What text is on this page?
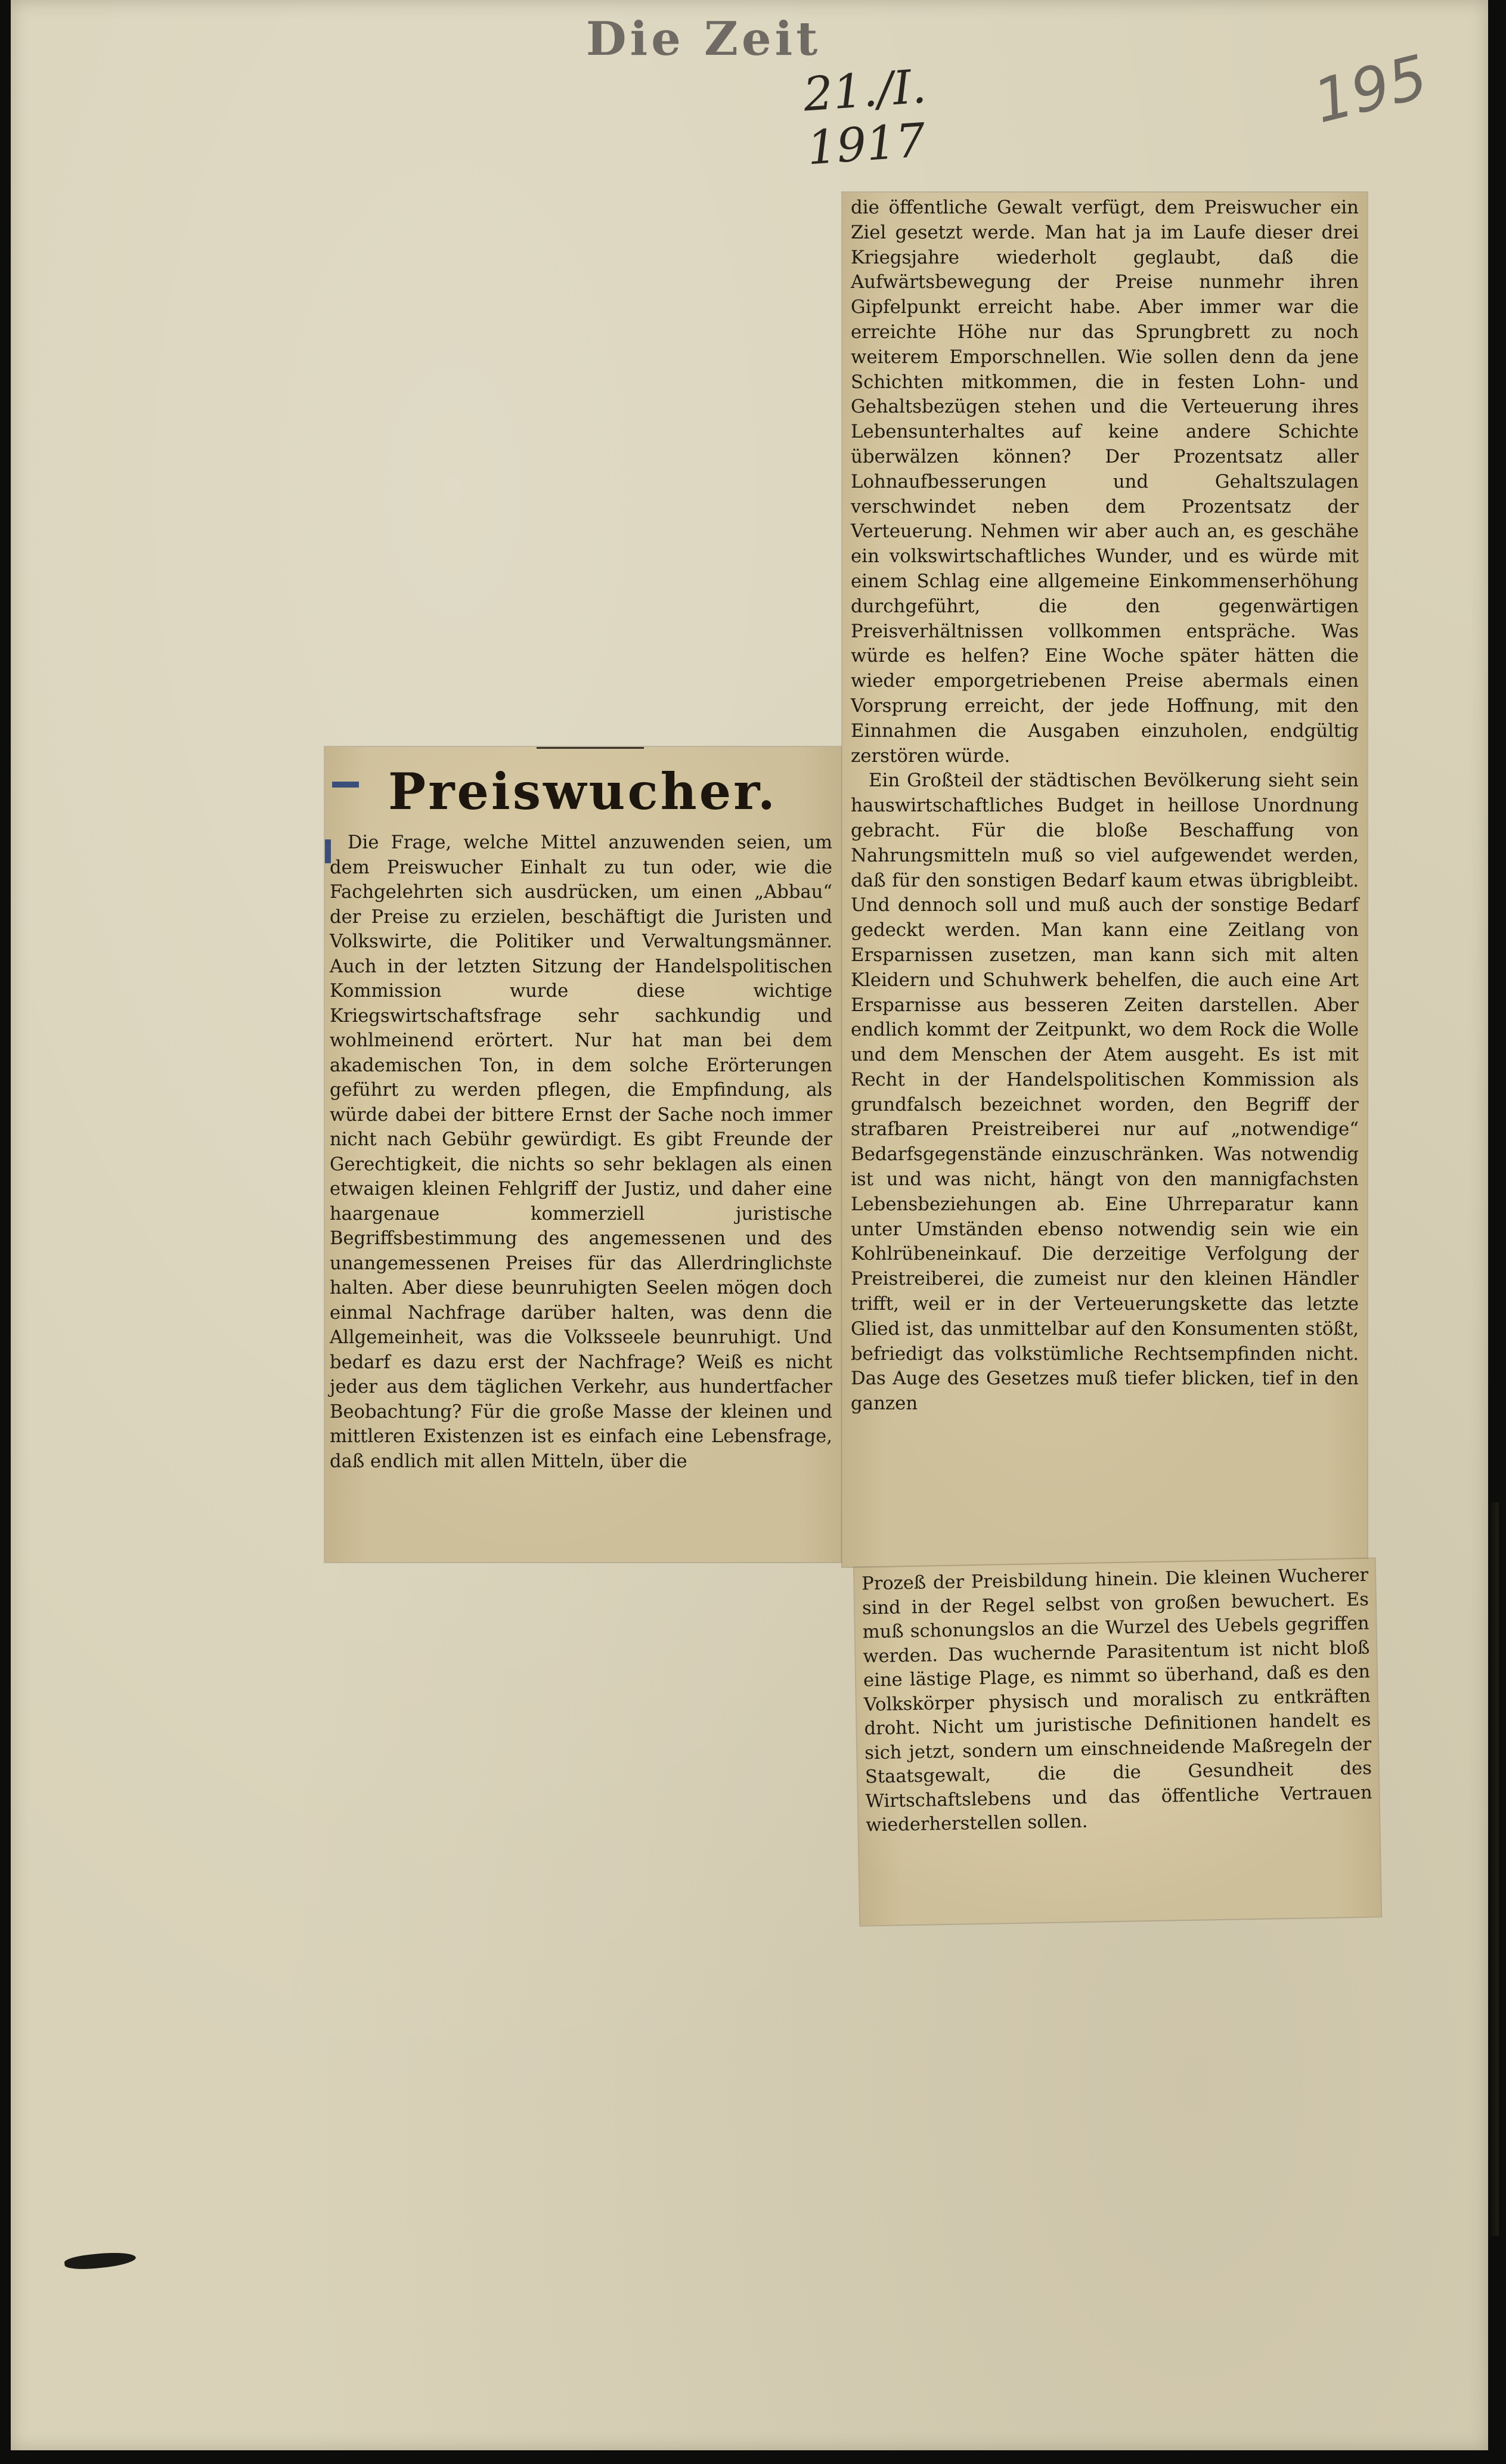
Die Zeit
21./I. 1917
195
Preiswucher.

Die Frage, welche Mittel anzuwenden seien, um dem Preiswucher Einhalt zu tun oder, wie die Fachgelehrten sich ausdrücken, um einen „Abbau“ der Preise zu erzielen, beschäftigt die Juristen und Volkswirte, die Politiker und Verwaltungsmänner. Auch in der letzten Sitzung der Handelspolitischen Kommission wurde diese wichtige Kriegswirtschaftsfrage sehr sachkundig und wohlmeinend erörtert. Nur hat man bei dem akademischen Ton, in dem solche Erörterungen geführt zu werden pflegen, die Empfindung, als würde dabei der bittere Ernst der Sache noch immer nicht nach Gebühr gewürdigt. Es gibt Freunde der Gerechtigkeit, die nichts so sehr beklagen als einen etwaigen kleinen Fehlgriff der Justiz, und daher eine haargenaue kommerziell juristische Begriffsbestimmung des angemessenen und des unangemessenen Preises für das Allerdringlichste halten. Aber diese beunruhigten Seelen mögen doch einmal Nachfrage darüber halten, was denn die Allgemeinheit, was die Volksseele beunruhigt. Und bedarf es dazu erst der Nachfrage? Weiß es nicht jeder aus dem täglichen Verkehr, aus hundertfacher Beobachtung? Für die große Masse der kleinen und mittleren Existenzen ist es einfach eine Lebensfrage, daß endlich mit allen Mitteln, über die

die öffentliche Gewalt verfügt, dem Preiswucher ein Ziel gesetzt werde. Man hat ja im Laufe dieser drei Kriegsjahre wiederholt geglaubt, daß die Aufwärtsbewegung der Preise nunmehr ihren Gipfelpunkt erreicht habe. Aber immer war die erreichte Höhe nur das Sprungbrett zu noch weiterem Emporschnellen. Wie sollen denn da jene Schichten mitkommen, die in festen Lohn- und Gehaltsbezügen stehen und die Verteuerung ihres Lebensunterhaltes auf keine andere Schichte überwälzen können? Der Prozentsatz aller Lohnaufbesserungen und Gehaltszulagen verschwindet neben dem Prozentsatz der Verteuerung. Nehmen wir aber auch an, es geschähe ein volkswirtschaftliches Wunder, und es würde mit einem Schlag eine allgemeine Einkommenserhöhung durchgeführt, die den gegenwärtigen Preisverhältnissen vollkommen entspräche. Was würde es helfen? Eine Woche später hätten die wieder emporgetriebenen Preise abermals einen Vorsprung erreicht, der jede Hoffnung, mit den Einnahmen die Ausgaben einzuholen, endgültig zerstören würde.

Ein Großteil der städtischen Bevölkerung sieht sein hauswirtschaftliches Budget in heillose Unordnung gebracht. Für die bloße Beschaffung von Nahrungsmitteln muß so viel aufgewendet werden, daß für den sonstigen Bedarf kaum etwas übrigbleibt. Und dennoch soll und muß auch der sonstige Bedarf gedeckt werden. Man kann eine Zeitlang von Ersparnissen zusetzen, man kann sich mit alten Kleidern und Schuhwerk behelfen, die auch eine Art Ersparnisse aus besseren Zeiten darstellen. Aber endlich kommt der Zeitpunkt, wo dem Rock die Wolle und dem Menschen der Atem ausgeht. Es ist mit Recht in der Handelspolitischen Kommission als grundfalsch bezeichnet worden, den Begriff der strafbaren Preistreiberei nur auf „notwendige“ Bedarfsgegenstände einzuschränken. Was notwendig ist und was nicht, hängt von den mannigfachsten Lebensbeziehungen ab. Eine Uhrreparatur kann unter Umständen ebenso notwendig sein wie ein Kohlrübeneinkauf. Die derzeitige Verfolgung der Preistreiberei, die zumeist nur den kleinen Händler trifft, weil er in der Verteuerungskette das letzte Glied ist, das unmittelbar auf den Konsumenten stößt, befriedigt das volkstümliche Rechtsempfinden nicht. Das Auge des Gesetzes muß tiefer blicken, tief in den ganzen

Prozeß der Preisbildung hinein. Die kleinen Wucherer sind in der Regel selbst von großen bewuchert. Es muß schonungslos an die Wurzel des Uebels gegriffen werden. Das wuchernde Parasitentum ist nicht bloß eine lästige Plage, es nimmt so überhand, daß es den Volkskörper physisch und moralisch zu entkräften droht. Nicht um juristische Definitionen handelt es sich jetzt, sondern um einschneidende Maßregeln der Staatsgewalt, die die Gesundheit des Wirtschaftslebens und das öffentliche Vertrauen wiederherstellen sollen.
